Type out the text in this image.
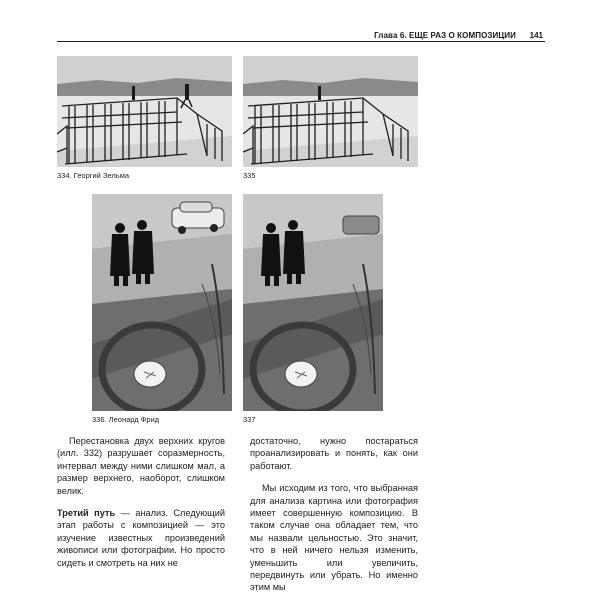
Глава 6. ЕЩЕ РАЗ О КОМПОЗИЦИИ 141
334. Георгий Зельма	335
336. Леонард Фрид	337

Перестановка двух верхних кругов (илл. 332) разрушает соразмерность, интервал между ними слишком мал, а размер верхнего, наоборот, слишком велик.

Третий путь — анализ. Следующий этап работы с композицией — это изучение известных произведений живописи или фотографии. Но просто сидеть и смотреть на них не

достаточно, нужно постараться проанализировать и понять, как они работают.

Мы исходим из того, что выбранная для анализа картина или фотография имеет совершенную композицию. В таком случае она обладает тем, что мы назвали цельностью. Это значит, что в ней ничего нельзя изменить, уменьшить или увеличить, передвинуть или убрать. Но именно этим мы
